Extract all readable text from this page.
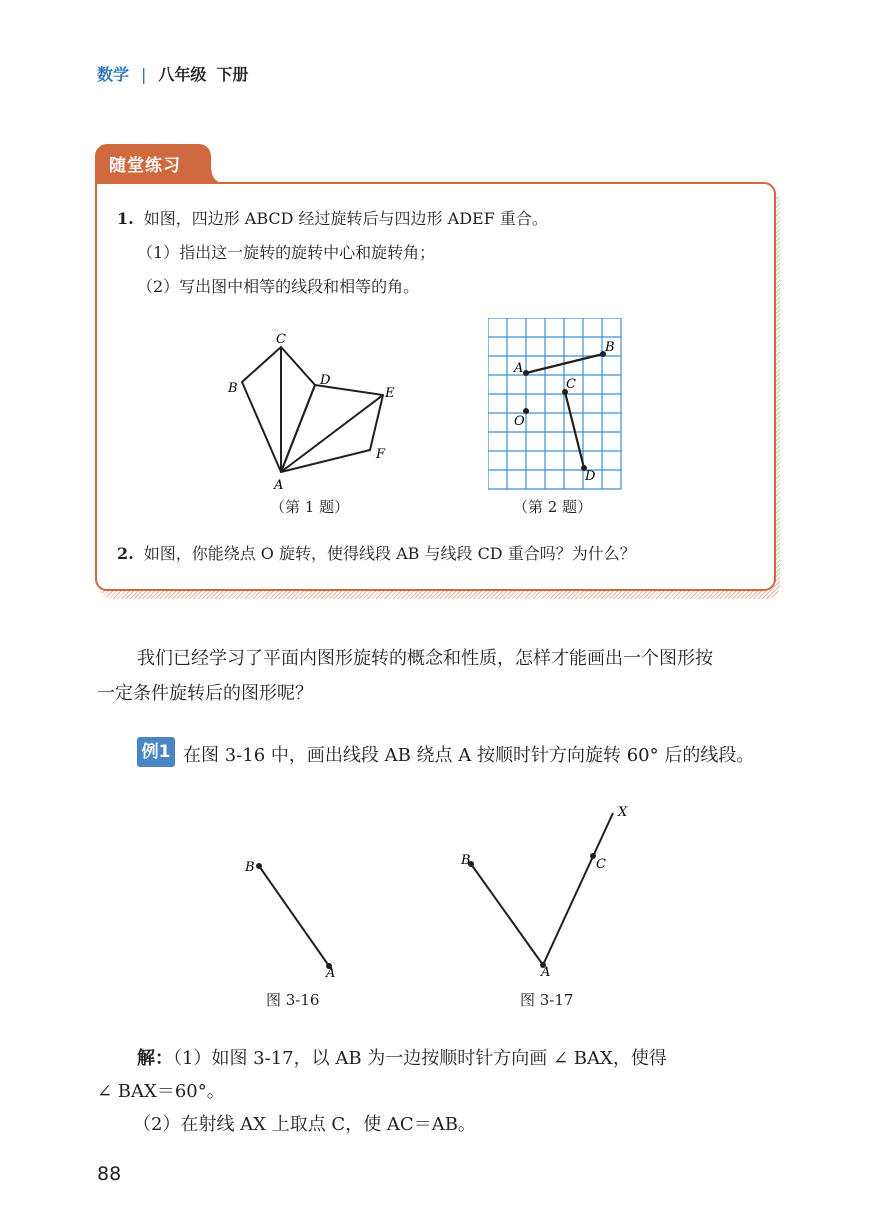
数学 | 八年级 下册
随堂练习
1. 如图，四边形 ABCD 经过旋转后与四边形 ADEF 重合。
（1）指出这一旋转的旋转中心和旋转角；
（2）写出图中相等的线段和相等的角。
C
B
D
E
F
A
（第 1 题）
A
B
C
D
O
（第 2 题）
2. 如图，你能绕点 O 旋转，使得线段 AB 与线段 CD 重合吗？为什么？
我们已经学习了平面内图形旋转的概念和性质，怎样才能画出一个图形按
一定条件旋转后的图形呢？
例1 在图 3-16 中，画出线段 AB 绕点 A 按顺时针方向旋转 60° 后的线段。
B
A
图 3-16
B
A
C
X
图 3-17
解：（1）如图 3-17，以 AB 为一边按顺时针方向画 ∠ BAX，使得
∠ BAX＝60°。
（2）在射线 AX 上取点 C，使 AC＝AB。
88
